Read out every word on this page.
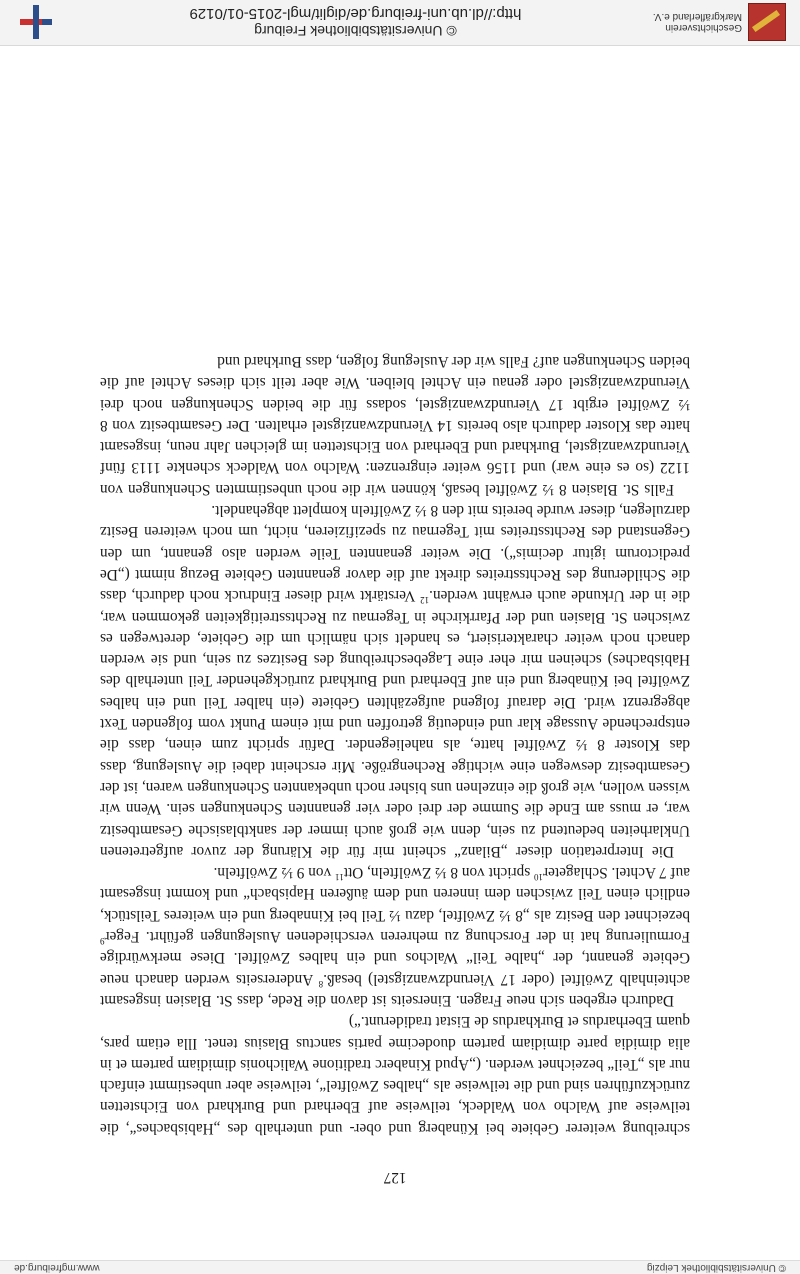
© Universitätsbibliothek Leipzig
www.mgfreiburg.de
127

schreibung weiterer Gebiete bei Künaberg und ober- und unterhalb des „Habisbaches“, die teilweise auf Walcho von Waldeck, teilweise auf Eberhard und Burkhard von Eichstetten zurückzuführen sind und die teilweise als „halbes Zwölftel“, teilweise aber unbestimmt einfach nur als „Teil“ bezeichnet werden. („Apud Kinaberc traditione Walichonis dimidiam partem et in alia dimidia parte dimidiam partem duodecime partis sanctus Blasius tenet. Illa etiam pars, quam Eberhardus et Burkhardus de Eistat tradiderunt.“)

Dadurch ergeben sich neue Fragen. Einerseits ist davon die Rede, dass St. Blasien insgesamt achteinhalb Zwölftel (oder 17 Vierundzwanzigstel) besaß.$^8$ Andererseits werden danach neue Gebiete genannt, der „halbe Teil“ Walchos und ein halbes Zwölftel. Diese merkwürdige Formulierung hat in der Forschung zu mehreren verschiedenen Auslegungen geführt. Feger$^9$ bezeichnet den Besitz als „8 ½ Zwölftel, dazu ½ Teil bei Kinnaberg und ein weiteres Teilstück, endlich einen Teil zwischen dem inneren und dem äußeren Hapisbach“ und kommt insgesamt auf 7 Achtel. Schlageter$^{10}$ spricht von 8 ½ Zwölfteln, Ott$^{11}$ von 9 ½ Zwölfteln.

Die Interpretation dieser „Bilanz“ scheint mir für die Klärung der zuvor aufgetretenen Unklarheiten bedeutend zu sein, denn wie groß auch immer der sanktblasische Gesamtbesitz war, er muss am Ende die Summe der drei oder vier genannten Schenkungen sein. Wenn wir wissen wollen, wie groß die einzelnen uns bisher noch unbekannten Schenkungen waren, ist der Gesamtbesitz deswegen eine wichtige Rechengröße. Mir erscheint dabei die Auslegung, dass das Kloster 8 ½ Zwölftel hatte, als naheliegender. Dafür spricht zum einen, dass die entsprechende Aussage klar und eindeutig getroffen und mit einem Punkt vom folgenden Text abgegrenzt wird. Die darauf folgend aufgezählten Gebiete (ein halber Teil und ein halbes Zwölftel bei Künaberg und ein auf Eberhard und Burkhard zurückgehender Teil unterhalb des Habisbaches) scheinen mir eher eine Lagebeschreibung des Besitzes zu sein, und sie werden danach noch weiter charakterisiert, es handelt sich nämlich um die Gebiete, deretwegen es zwischen St. Blasien und der Pfarrkirche in Tegernau zu Rechtsstreitigkeiten gekommen war, die in der Urkunde auch erwähnt werden.$^{12}$ Verstärkt wird dieser Eindruck noch dadurch, dass die Schilderung des Rechtsstreites direkt auf die davor genannten Gebiete Bezug nimmt („De predictorum igitur decimis“). Die weiter genannten Teile werden also genannt, um den Gegenstand des Rechtsstreites mit Tegernau zu spezifizieren, nicht, um noch weiteren Besitz darzulegen, dieser wurde bereits mit den 8 ½ Zwölfteln komplett abgehandelt.

Falls St. Blasien 8 ½ Zwölftel besaß, können wir die noch unbestimmten Schenkungen von 1122 (so es eine war) und 1156 weiter eingrenzen: Walcho von Waldeck schenkte 1113 fünf Vierundzwanzigstel, Burkhard und Eberhard von Eichstetten im gleichen Jahr neun, insgesamt hatte das Kloster dadurch also bereits 14 Vierundzwanzigstel erhalten. Der Gesamtbesitz von 8 ½ Zwölftel ergibt 17 Vierundzwanzigstel, sodass für die beiden Schenkungen noch drei Vierundzwanzigstel oder genau ein Achtel bleiben. Wie aber teilt sich dieses Achtel auf die beiden Schenkungen auf? Falls wir der Auslegung folgen, dass Burkhard und

Geschichtsverein
Markgräflerland e.V.
© Universitätsbibliothek Freiburg
http://dl.ub.uni-freiburg.de/diglit/mgl-2015-01/0129
